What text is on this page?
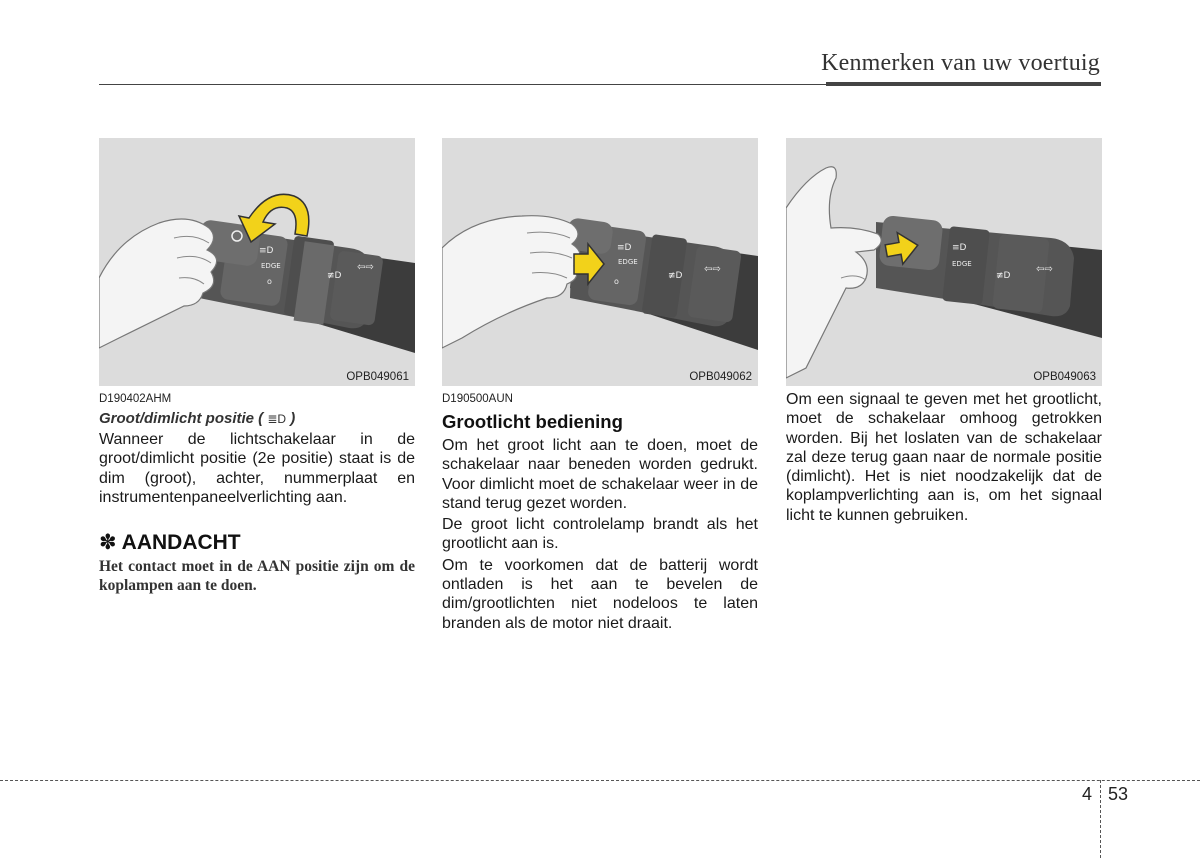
Kenmerken van uw voertuig
≡D
EDGE
o
≢D
⇦⇨
OPB049061
≡D
EDGE
o
≢D
⇦⇨
OPB049062
≡D
EDGE
≢D
⇦⇨
OPB049063
D190402AHM
Groot/dimlicht positie ( ≣D )

Wanneer de lichtschakelaar in de groot/dimlicht positie (2e positie) staat is de dim (groot), achter, nummerplaat en instrumentenpaneelverlichting aan.

✽ AANDACHT

Het contact moet in de AAN positie zijn om de koplampen aan te doen.

D190500AUN
Grootlicht bediening

Om het groot licht aan te doen, moet de schakelaar naar beneden worden gedrukt. Voor dimlicht moet de schakelaar weer in de stand terug gezet worden.

De groot licht controlelamp brandt als het grootlicht aan is.

Om te voorkomen dat de batterij wordt ontladen is het aan te bevelen de dim/grootlichten niet nodeloos te laten branden als de motor niet draait.

Om een signaal te geven met het grootlicht, moet de schakelaar omhoog getrokken worden. Bij het loslaten van de schakelaar zal deze terug gaan naar de normale positie (dimlicht). Het is niet noodzakelijk dat de koplampverlichting aan is, om het signaal licht te kunnen gebruiken.

4 53
